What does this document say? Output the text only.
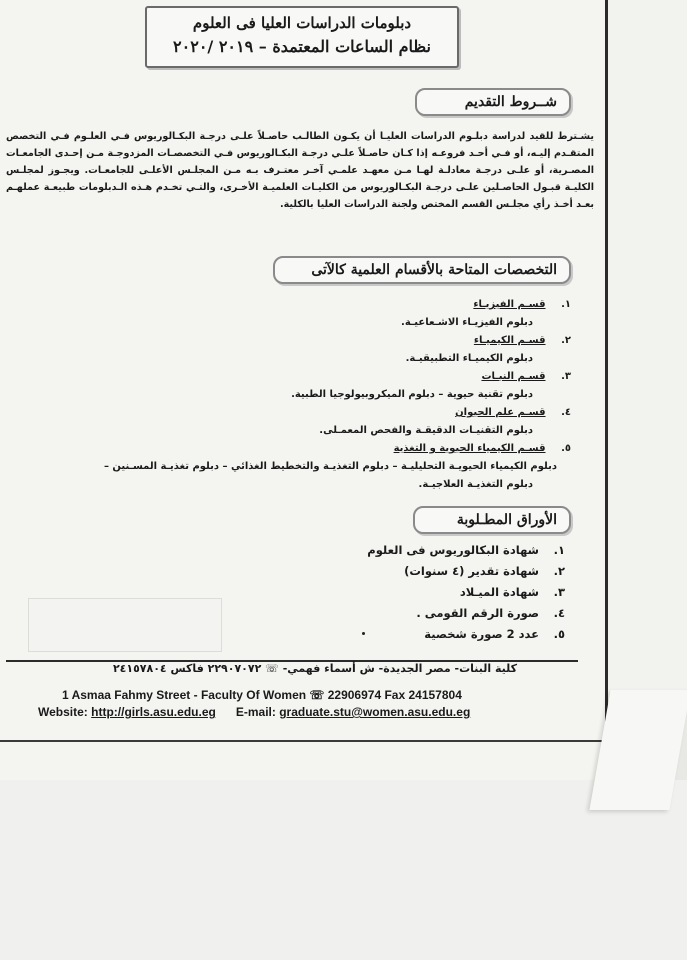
دبلومات الدراسات العليا فى العلوم
نظام الساعات المعتمدة – ٢٠١٩ /٢٠٢٠
شــروط التقديم
يشـترط للقيد لدراسة دبلـوم الدراسات العليـا أن يكـون الطالـب حاصـلاً علـى درجـة البكـالوريوس فـي العلـوم فـي التخصص المتقـدم إليـه، أو فـي أحـد فروعـه إذا كـان حاصـلاً علـي درجـة البكـالوريوس فـي التخصصـات المزدوجـة مـن إحـدى الجامعـات المصـرية، أو علـى درجـة معادلـة لهـا مـن معهـد علمـي آخـر معتـرف بـه مـن المجلـس الأعلـى للجامعـات. ويجـوز لمجلـس الكليـة قبـول الحاصـلين علـى درجـة البكـالوريوس من الكليـات العلميـة الأخـرى، والتـي تخـدم هـذه الـدبلومات طبيعـة عملهـم بعـد أخـذ رأي مجلـس القسم المختص ولجنة الدراسات العليا بالكلية.
التخصصات المتاحة بالأقسام العلمية كالآتى
١. قسـم الفيزيـاء
دبلوم الفيزيـاء الاشـعاعيـة.
٢. قسـم الكيميـاء
دبلوم الكيميـاء التطبيقيـة.
٣. قسـم النبـات
دبلوم تقنية حيوية – دبلوم الميكروبيولوجيا الطبية.
٤. قسـم علم الحيوان
دبلوم التقنيـات الدقيقـة والفحص المعمـلى.
٥. قسـم الكيمياء الحيوية و التغذية
دبلوم الكيمياء الحيويـة التحليليـة – دبلوم التغذيـة والتخطيط الغذائي – دبلوم تغذيـة المسـنين –
دبلوم التغذيـة العلاجيـة.
الأوراق المطـلوبة
١. شهادة البكالوريوس فى العلوم
٢. شهادة تقدير (٤ سنوات)
٣. شهادة الميـلاد
٤. صورة الرقم القومى .
٥. عدد 2 صورة شخصية
كلية البنات- مصر الجديدة- ش أسماء فهمي- ☏ ٢٢٩٠٧٠٧٢ فاكس ٢٤١٥٧٨٠٤
1 Asmaa Fahmy Street - Faculty Of Women ☏ 22906974 Fax 24157804
Website: http://girls.asu.edu.eg E-mail: graduate.stu@women.asu.edu.eg
